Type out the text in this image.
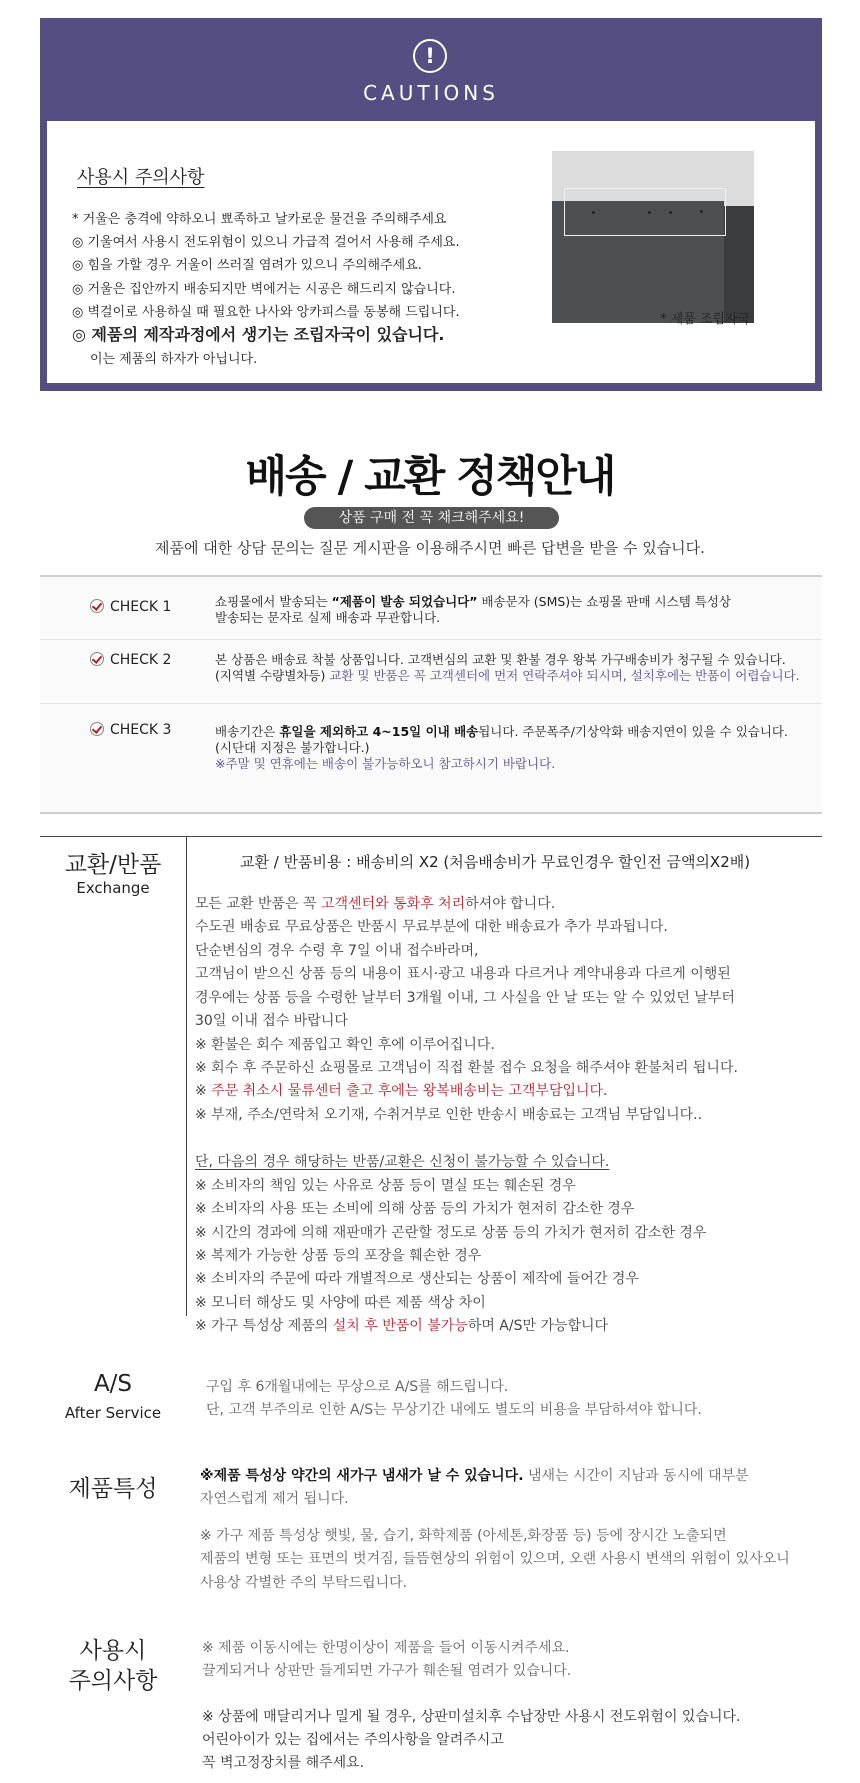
!
CAUTIONS
사용시 주의사항
* 거울은 충격에 약하오니 뾰족하고 날카로운 물건을 주의해주세요
◎ 기울여서 사용시 전도위험이 있으니 가급적 걸어서 사용해 주세요.
◎ 힘을 가할 경우 거울이 쓰러질 염려가 있으니 주의해주세요.
◎ 거울은 집안까지 배송되지만 벽에거는 시공은 해드리지 않습니다.
◎ 벽걸이로 사용하실 때 필요한 나사와 앙카피스를 동봉해 드립니다.
◎ 제품의 제작과정에서 생기는 조립자국이 있습니다.
이는 제품의 하자가 아닙니다.
* 제품 조립자국
배송 / 교환 정책안내
상품 구매 전 꼭 채크해주세요!
제품에 대한 상담 문의는 질문 게시판을 이용해주시면 빠른 답변을 받을 수 있습니다.
CHECK 1	쇼핑몰에서 발송되는 “제품이 발송 되었습니다” 배송문자 (SMS)는 쇼핑몰 판매 시스템 특성상
발송되는 문자로 실제 배송과 무관합니다.
CHECK 2	본 상품은 배송료 착불 상품입니다. 고객변심의 교환 및 환불 경우 왕복 가구배송비가 청구될 수 있습니다.
(지역별 수량별차등) 교환 및 반품은 꼭 고객센터에 먼저 연락주셔야 되시며, 설치후에는 반품이 어렵습니다.
CHECK 3	배송기간은 휴일을 제외하고 4~15일 이내 배송됩니다. 주문폭주/기상악화 배송지연이 있을 수 있습니다.
(시단대 지정은 불가합니다.)
※주말 및 연휴에는 배송이 불가능하오니 참고하시기 바랍니다.
교환/반품
Exchange
교환 / 반품비용 : 배송비의 X2 (처음배송비가 무료인경우 할인전 금액의X2배)
모든 교환 반품은 꼭 고객센터와 통화후 처리하셔야 합니다.
수도권 배송료 무료상품은 반품시 무료부분에 대한 배송료가 추가 부과됩니다.
단순변심의 경우 수령 후 7일 이내 접수바라며,
고객님이 받으신 상품 등의 내용이 표시·광고 내용과 다르거나 계약내용과 다르게 이행된
경우에는 상품 등을 수령한 날부터 3개월 이내, 그 사실을 안 날 또는 알 수 있었던 날부터
30일 이내 접수 바랍니다
※ 환불은 회수 제품입고 확인 후에 이루어집니다.
※ 회수 후 주문하신 쇼핑몰로 고객님이 직접 환불 접수 요청을 해주셔야 환불처리 됩니다.
※ 주문 취소시 물류센터 출고 후에는 왕복배송비는 고객부담입니다.
※ 부재, 주소/연락처 오기재, 수취거부로 인한 반송시 배송료는 고객님 부담입니다..
단, 다음의 경우 해당하는 반품/교환은 신청이 불가능할 수 있습니다.
※ 소비자의 책임 있는 사유로 상품 등이 멸실 또는 훼손된 경우
※ 소비자의 사용 또는 소비에 의해 상품 등의 가치가 현저히 감소한 경우
※ 시간의 경과에 의해 재판매가 곤란할 정도로 상품 등의 가치가 현저히 감소한 경우
※ 복제가 가능한 상품 등의 포장을 훼손한 경우
※ 소비자의 주문에 따라 개별적으로 생산되는 상품이 제작에 들어간 경우
※ 모니터 해상도 및 사양에 따른 제품 색상 차이
※ 가구 특성상 제품의 설치 후 반품이 불가능하며 A/S만 가능합니다
A/S
After Service
구입 후 6개월내에는 무상으로 A/S를 해드립니다.
단, 고객 부주의로 인한 A/S는 무상기간 내에도 별도의 비용을 부담하셔야 합니다.
제품특성	※제품 특성상 약간의 새가구 냄새가 날 수 있습니다. 냄새는 시간이 지남과 동시에 대부분
자연스럽게 제거 됩니다.
※ 가구 제품 특성상 햇빛, 물, 습기, 화학제품 (아세톤,화장품 등) 등에 장시간 노출되면
제품의 변형 또는 표면의 벗겨짐, 들뜸현상의 위험이 있으며, 오랜 사용시 변색의 위험이 있사오니
사용상 각별한 주의 부탁드립니다.
사용시
주의사항
※ 제품 이동시에는 한명이상이 제품을 들어 이동시켜주세요.
끌게되거나 상판만 들게되면 가구가 훼손될 염려가 있습니다.
※ 상품에 매달리거나 밀게 될 경우, 상판미설치후 수납장만 사용시 전도위험이 있습니다.
어린아이가 있는 집에서는 주의사항을 알려주시고
꼭 벽고정장치를 해주세요.
